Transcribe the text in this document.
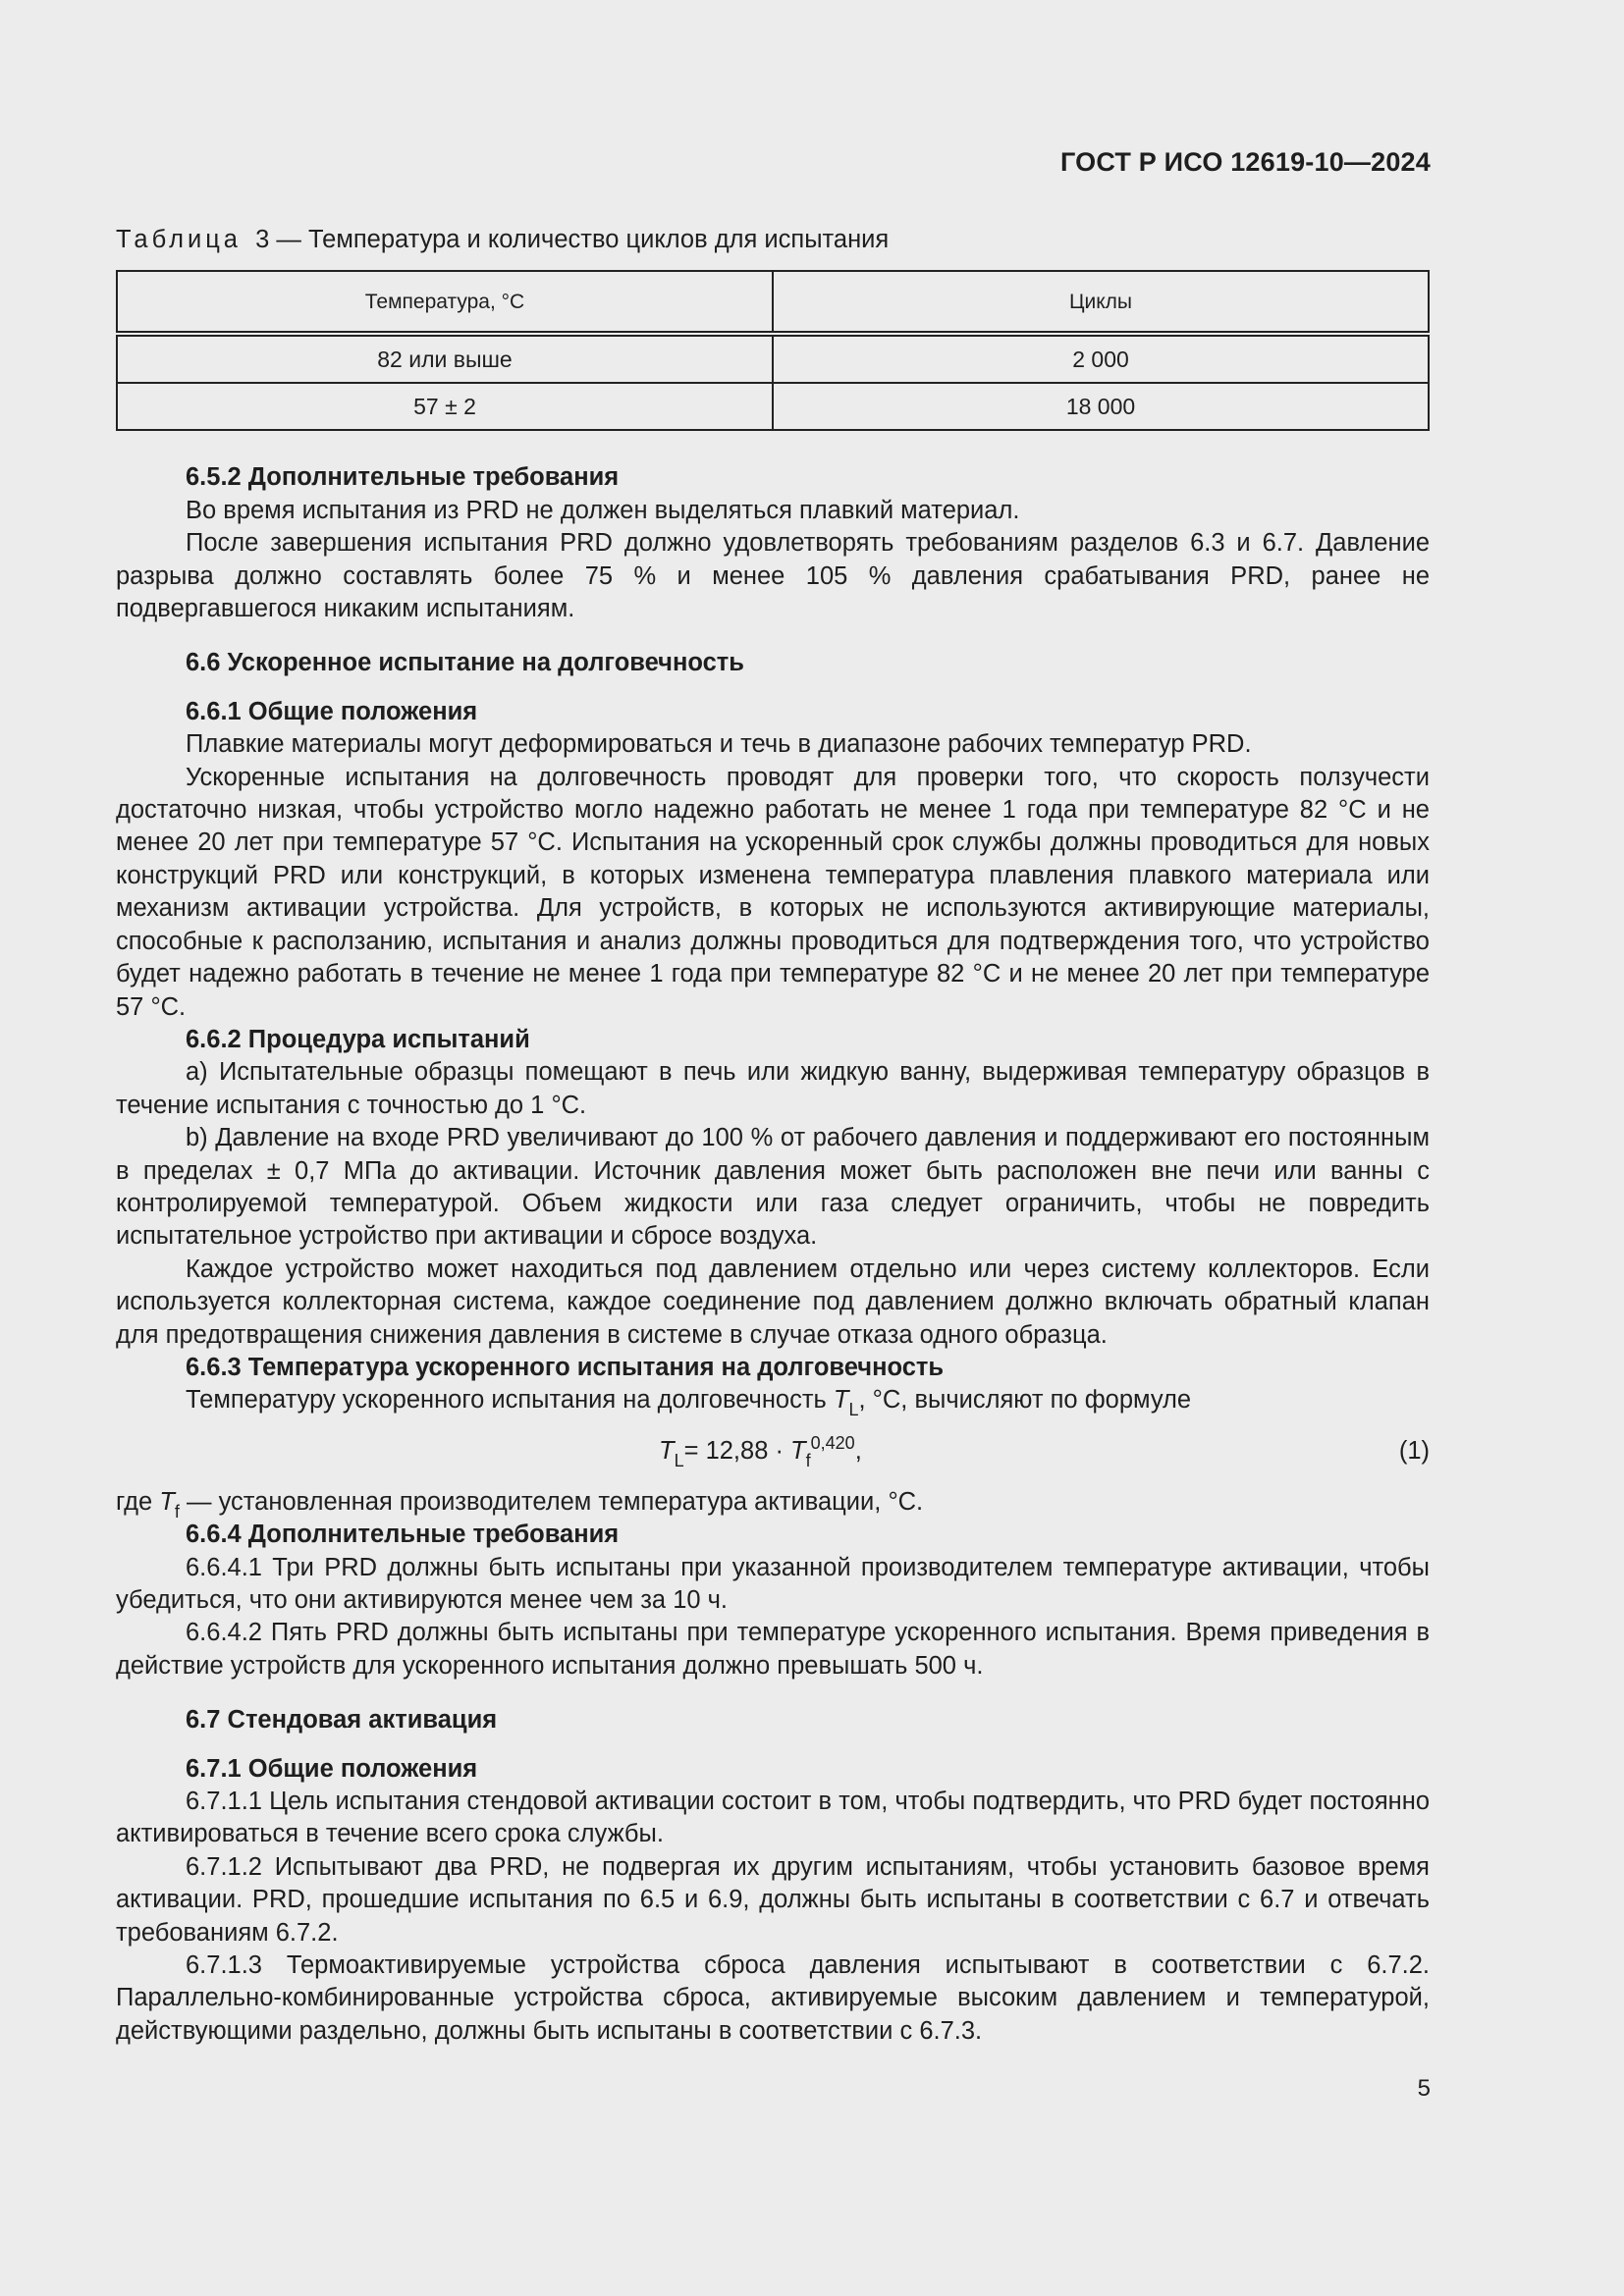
ГОСТ Р ИСО 12619-10—2024

Таблица 3 — Температура и количество циклов для испытания

Температура, °C	Циклы
82 или выше	2 000
57 ± 2	18 000

6.5.2 Дополнительные требования

Во время испытания из PRD не должен выделяться плавкий материал.

После завершения испытания PRD должно удовлетворять требованиям разделов 6.3 и 6.7. Давление разрыва должно составлять более 75 % и менее 105 % давления срабатывания PRD, ранее не подвергавшегося никаким испытаниям.

6.6 Ускоренное испытание на долговечность

6.6.1 Общие положения

Плавкие материалы могут деформироваться и течь в диапазоне рабочих температур PRD.

Ускоренные испытания на долговечность проводят для проверки того, что скорость ползучести достаточно низкая, чтобы устройство могло надежно работать не менее 1 года при температуре 82 °C и не менее 20 лет при температуре 57 °C. Испытания на ускоренный срок службы должны проводиться для новых конструкций PRD или конструкций, в которых изменена температура плавления плавкого материала или механизм активации устройства. Для устройств, в которых не используются активирующие материалы, способные к расползанию, испытания и анализ должны проводиться для подтверждения того, что устройство будет надежно работать в течение не менее 1 года при температуре 82 °C и не менее 20 лет при температуре 57 °C.

6.6.2 Процедура испытаний

a) Испытательные образцы помещают в печь или жидкую ванну, выдерживая температуру образцов в течение испытания с точностью до 1 °C.

b) Давление на входе PRD увеличивают до 100 % от рабочего давления и поддерживают его постоянным в пределах ± 0,7 МПа до активации. Источник давления может быть расположен вне печи или ванны с контролируемой температурой. Объем жидкости или газа следует ограничить, чтобы не повредить испытательное устройство при активации и сбросе воздуха.

Каждое устройство может находиться под давлением отдельно или через систему коллекторов. Если используется коллекторная система, каждое соединение под давлением должно включать обратный клапан для предотвращения снижения давления в системе в случае отказа одного образца.

6.6.3 Температура ускоренного испытания на долговечность

Температуру ускоренного испытания на долговечность $T_L$, °C, вычисляют по формуле

$T_L= 12,88 \cdot T_f^{0,420}$,	(1)

где $T_f$ — установленная производителем температура активации, °C.

6.6.4 Дополнительные требования

6.6.4.1 Три PRD должны быть испытаны при указанной производителем температуре активации, чтобы убедиться, что они активируются менее чем за 10 ч.

6.6.4.2 Пять PRD должны быть испытаны при температуре ускоренного испытания. Время приведения в действие устройств для ускоренного испытания должно превышать 500 ч.

6.7 Стендовая активация

6.7.1 Общие положения

6.7.1.1 Цель испытания стендовой активации состоит в том, чтобы подтвердить, что PRD будет постоянно активироваться в течение всего срока службы.

6.7.1.2 Испытывают два PRD, не подвергая их другим испытаниям, чтобы установить базовое время активации. PRD, прошедшие испытания по 6.5 и 6.9, должны быть испытаны в соответствии с 6.7 и отвечать требованиям 6.7.2.

6.7.1.3 Термоактивируемые устройства сброса давления испытывают в соответствии с 6.7.2. Параллельно-комбинированные устройства сброса, активируемые высоким давлением и температурой, действующими раздельно, должны быть испытаны в соответствии с 6.7.3.

5
